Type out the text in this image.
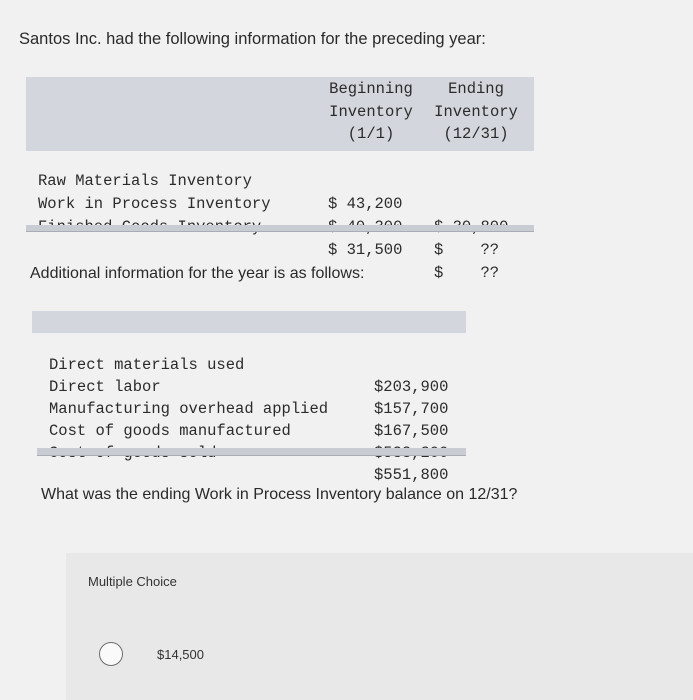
Santos Inc. had the following information for the preceding year:
Beginning
Inventory
(1/1)
Ending
Inventory
(12/31)

Raw Materials Inventory

$ 43,200

Work in Process Inventory

$    ??

$ 31,500

$    ??

Additional information for the year is as follows:

Direct materials used

$203,900

Direct labor

$157,700

Manufacturing overhead applied

$167,500

Cost of goods manufactured

$551,800

What was the ending Work in Process Inventory balance on 12/31?
Multiple Choice
$14,500
